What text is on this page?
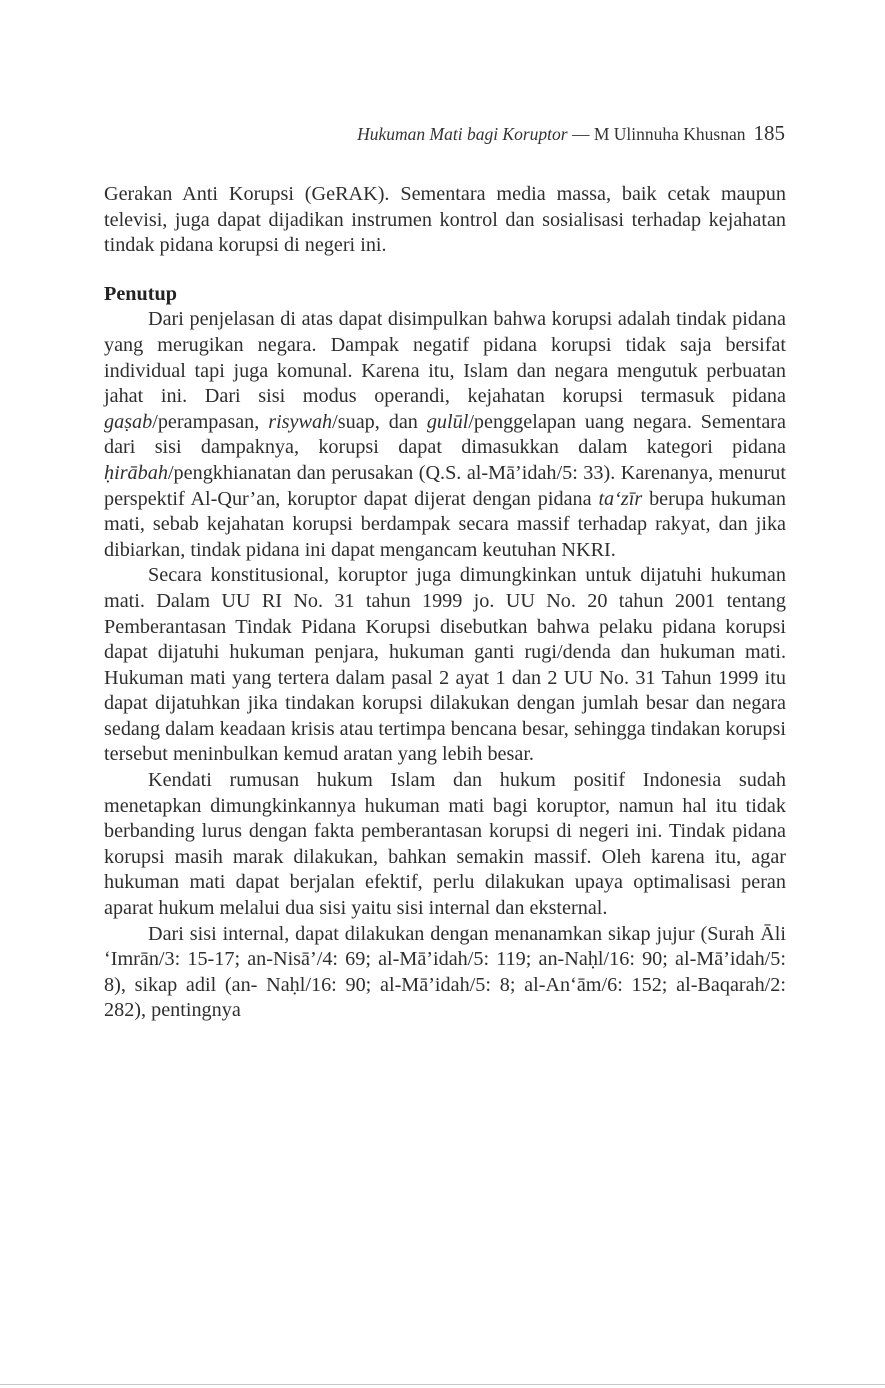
Hukuman Mati bagi Koruptor — M Ulinnuha Khusnan 185

Gerakan Anti Korupsi (GeRAK). Sementara media massa, baik cetak maupun televisi, juga dapat dijadikan instrumen kontrol dan sosialisasi terhadap kejahatan tindak pidana korupsi di negeri ini.

Penutup

Dari penjelasan di atas dapat disimpulkan bahwa korupsi adalah tindak pidana yang merugikan negara. Dampak negatif pidana korupsi tidak saja bersifat individual tapi juga komunal. Karena itu, Islam dan negara mengutuk perbuatan jahat ini. Dari sisi modus operandi, kejahatan korupsi termasuk pidana gaṣab/perampasan, risywah/suap, dan gulūl/penggelapan uang negara. Sementara dari sisi dampaknya, korupsi dapat dimasukkan dalam kategori pidana ḥirābah/pengkhianatan dan perusakan (Q.S. al-Mā’idah/5: 33). Karenanya, menurut perspektif Al-Qur’an, koruptor dapat dijerat dengan pidana ta‘zīr berupa hukuman mati, sebab kejahatan korupsi berdampak secara massif terhadap rakyat, dan jika dibiarkan, tindak pidana ini dapat mengancam keutuhan NKRI.

Secara konstitusional, koruptor juga dimungkinkan untuk dijatuhi hukuman mati. Dalam UU RI No. 31 tahun 1999 jo. UU No. 20 tahun 2001 tentang Pemberantasan Tindak Pidana Korupsi disebutkan bahwa pelaku pidana korupsi dapat dijatuhi hukuman penjara, hukuman ganti rugi/denda dan hukuman mati. Hukuman mati yang tertera dalam pasal 2 ayat 1 dan 2 UU No. 31 Tahun 1999 itu dapat dijatuhkan jika tindakan korupsi dilakukan dengan jumlah besar dan negara sedang dalam keadaan krisis atau tertimpa bencana besar, sehingga tindakan korupsi tersebut meninbulkan kemud aratan yang lebih besar.

Kendati rumusan hukum Islam dan hukum positif Indonesia sudah menetapkan dimungkinkannya hukuman mati bagi koruptor, namun hal itu tidak berbanding lurus dengan fakta pemberantasan korupsi di negeri ini. Tindak pidana korupsi masih marak dilakukan, bahkan semakin massif. Oleh karena itu, agar hukuman mati dapat berjalan efektif, perlu dilakukan upaya optimalisasi peran aparat hukum melalui dua sisi yaitu sisi internal dan eksternal.

Dari sisi internal, dapat dilakukan dengan menanamkan sikap jujur (Surah Āli ‘Imrān/3: 15-17; an-Nisā’/4: 69; al-Mā’idah/5: 119; an-Naḥl/16: 90; al-Mā’idah/5: 8), sikap adil (an- Naḥl/16: 90; al-Mā’idah/5: 8; al-An‘ām/6: 152; al-Baqarah/2: 282), pentingnya
